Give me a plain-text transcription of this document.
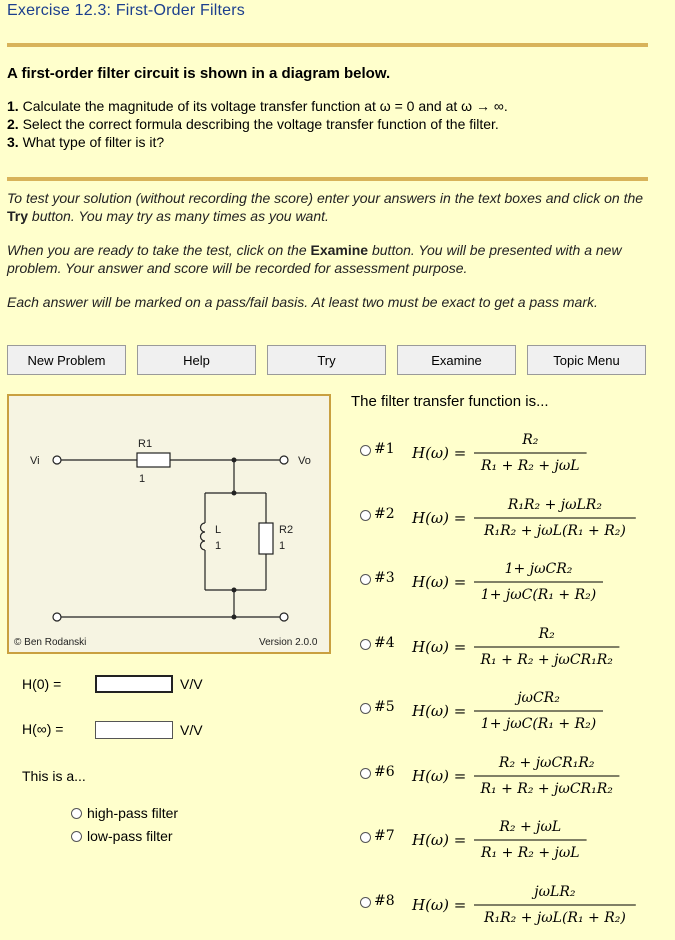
Exercise 12.3: First-Order Filters
A first-order filter circuit is shown in a diagram below.
1. Calculate the magnitude of its voltage transfer function at ω = 0 and at ω → ∞.
2. Select the correct formula describing the voltage transfer function of the filter.
3. What type of filter is it?
To test your solution (without recording the score) enter your answers in the text boxes and click on the Try button. You may try as many times as you want.
When you are ready to take the test, click on the Examine button. You will be presented with a new problem. Your answer and score will be recorded for assessment purpose.
Each answer will be marked on a pass/fail basis. At least two must be exact to get a pass mark.
New Problem	Help	Try	Examine	Topic Menu
Vi	Vo
R1
1
L
1
R2
1
© Ben Rodanski	Version 2.0.0
H(0) =	V/V
H(∞) =	V/V
This is a...
high-pass filter
low-pass filter
The filter transfer function is...
#1 H(ω) =
R₂
R₁ + R₂ + jωL
#2 H(ω) =
R₁R₂ + jωLR₂
R₁R₂ + jωL(R₁ + R₂)
#3 H(ω) =
1+ jωCR₂
1+ jωC(R₁ + R₂)
#4 H(ω) =
R₂
R₁ + R₂ + jωCR₁R₂
#5 H(ω) =
jωCR₂
1+ jωC(R₁ + R₂)
#6 H(ω) =
R₂ + jωCR₁R₂
R₁ + R₂ + jωCR₁R₂
#7 H(ω) =
R₂ + jωL
R₁ + R₂ + jωL
#8 H(ω) =
jωLR₂
R₁R₂ + jωL(R₁ + R₂)
